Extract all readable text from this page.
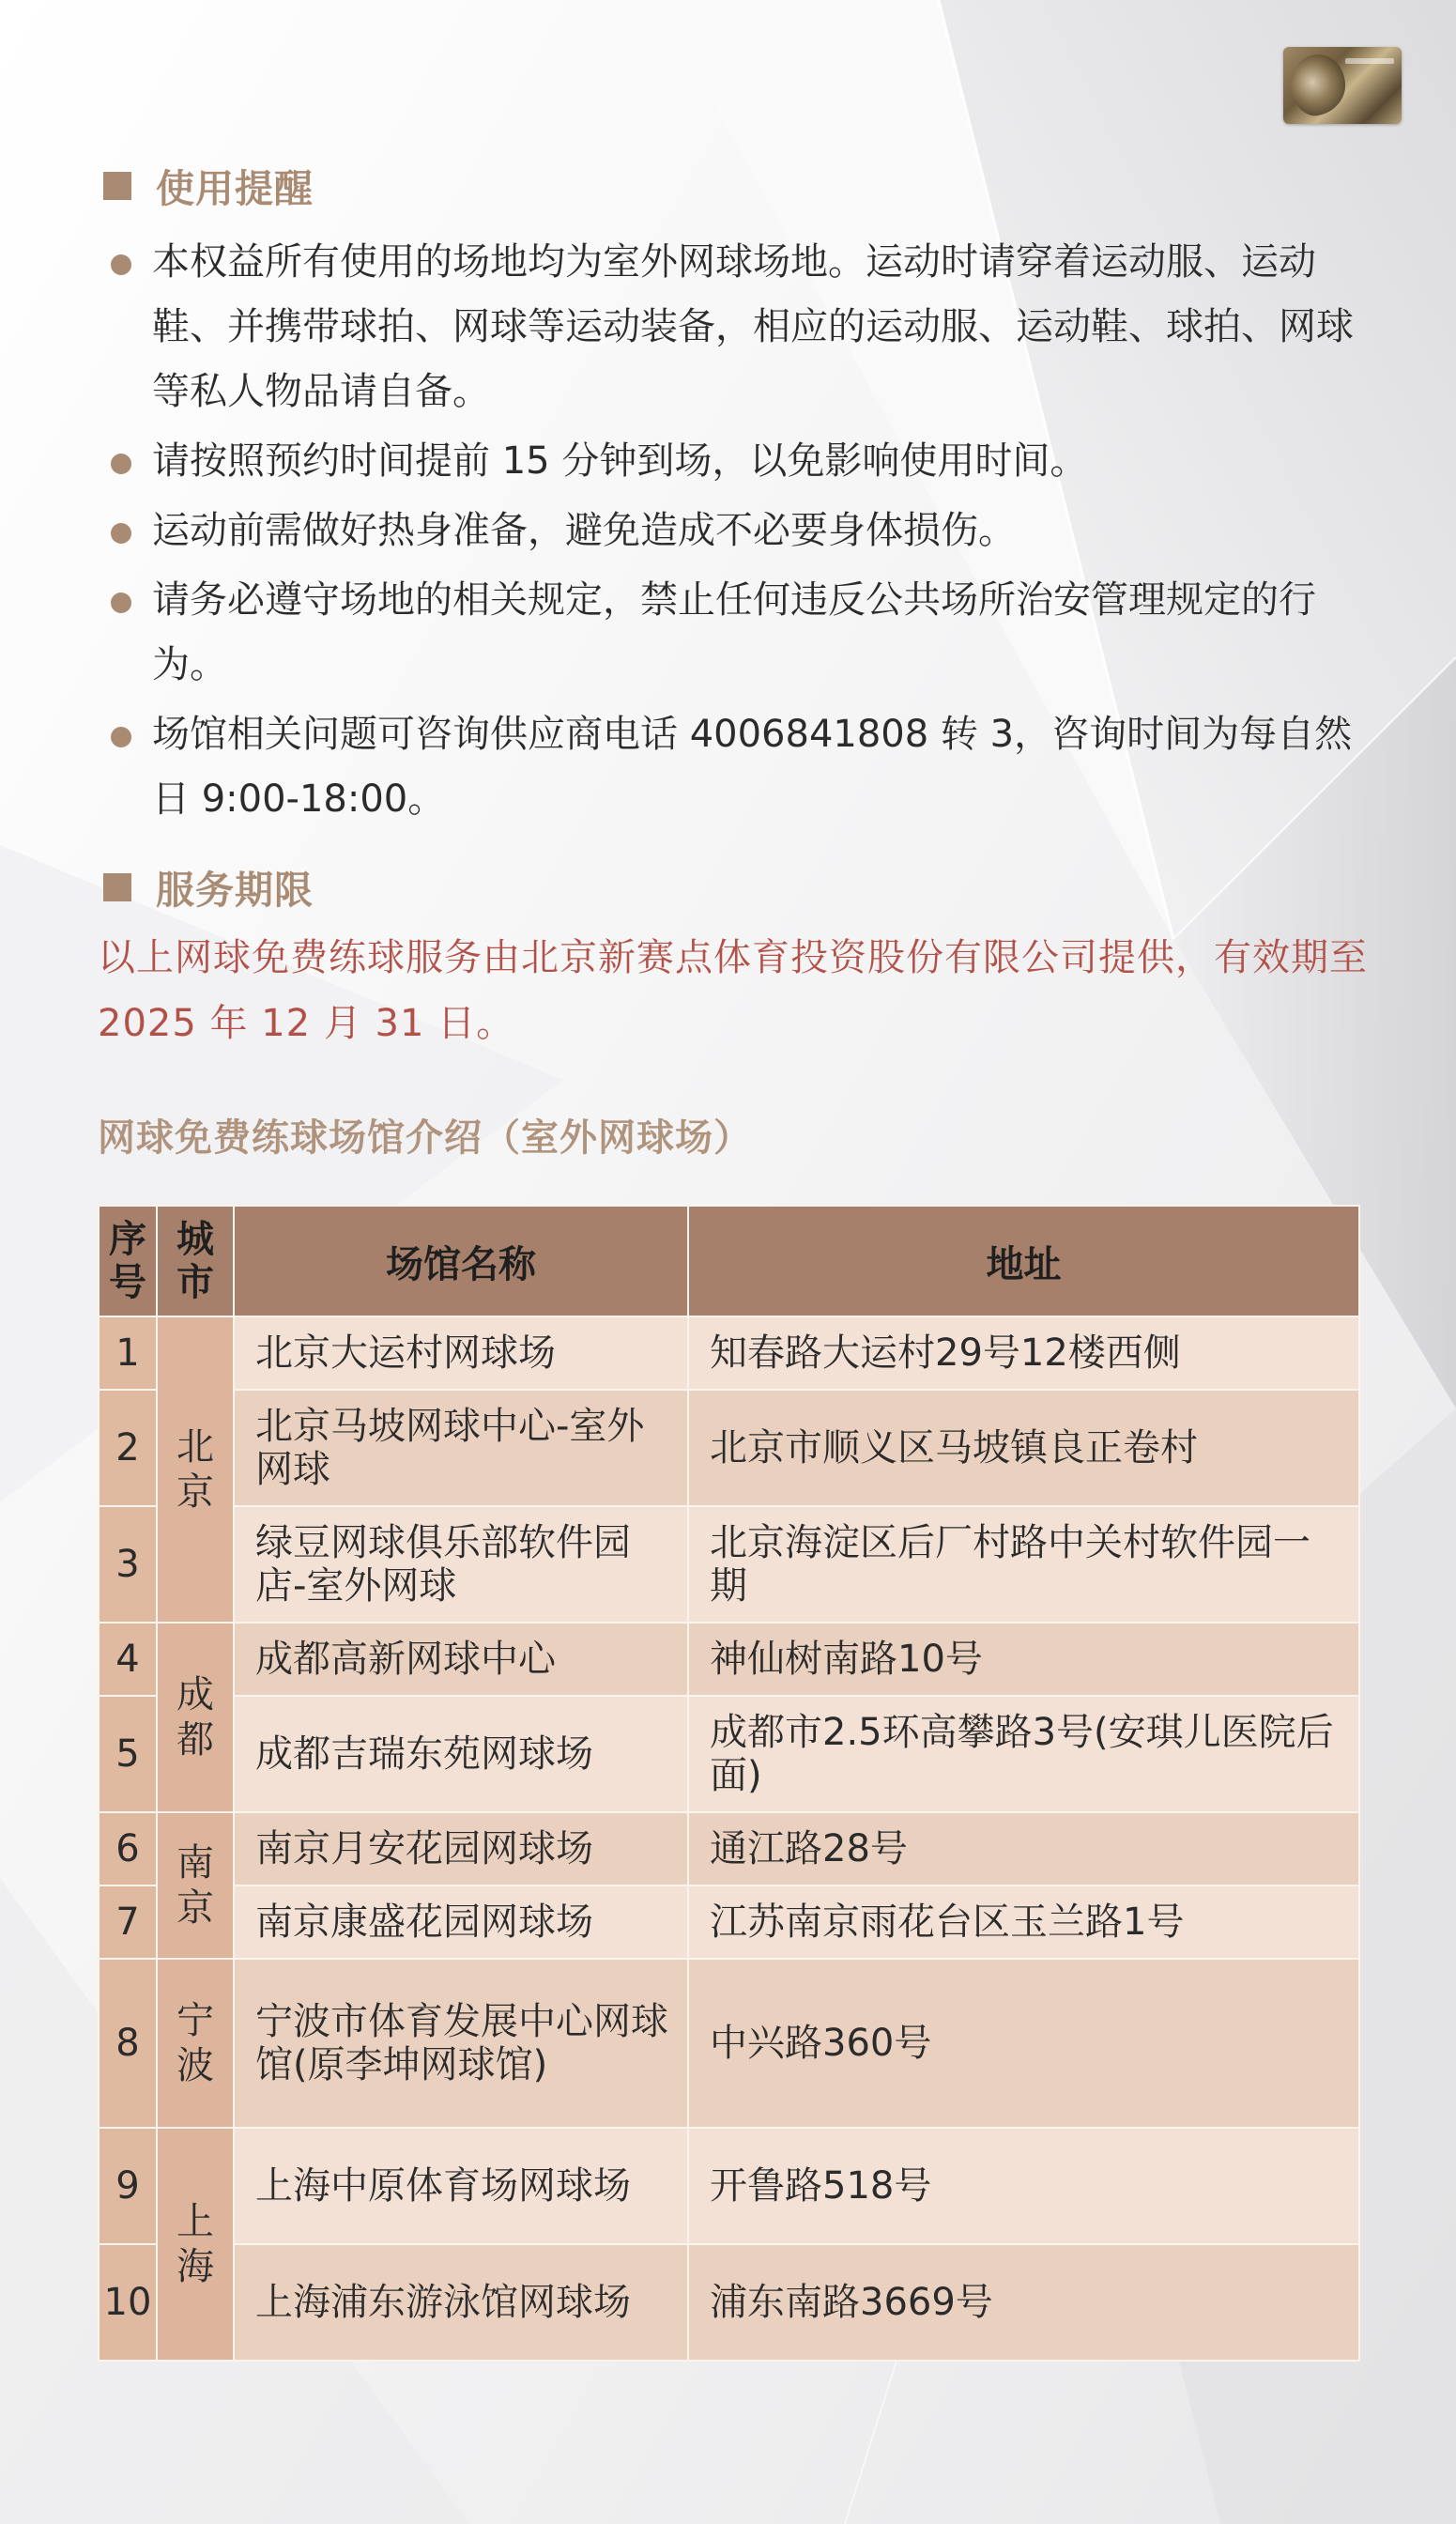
使用提醒
本权益所有使用的场地均为室外网球场地。运动时请穿着运动服、运动鞋、并携带球拍、网球等运动装备，相应的运动服、运动鞋、球拍、网球等私人物品请自备。
请按照预约时间提前 15 分钟到场，以免影响使用时间。
运动前需做好热身准备，避免造成不必要身体损伤。
请务必遵守场地的相关规定，禁止任何违反公共场所治安管理规定的行为。
场馆相关问题可咨询供应商电话 4006841808 转 3，咨询时间为每自然日 9:00-18:00。
服务期限
以上网球免费练球服务由北京新赛点体育投资股份有限公司提供，有效期至 2025 年 12 月 31 日。
网球免费练球场馆介绍（室外网球场）
序号	城市	场馆名称	地址
1	北京	北京大运村网球场	知春路大运村29号12楼西侧
2		北京马坡网球中心-室外网球	北京市顺义区马坡镇良正卷村
3		绿豆网球俱乐部软件园店-室外网球	北京海淀区后厂村路中关村软件园一期
4	成都	成都高新网球中心	神仙树南路10号
5		成都吉瑞东苑网球场	成都市2.5环高攀路3号(安琪儿医院后面)
6	南京	南京月安花园网球场	通江路28号
7		南京康盛花园网球场	江苏南京雨花台区玉兰路1号
8	宁波	宁波市体育发展中心网球馆(原李坤网球馆)	中兴路360号
9	上海	上海中原体育场网球场	开鲁路518号
10		上海浦东游泳馆网球场	浦东南路3669号
